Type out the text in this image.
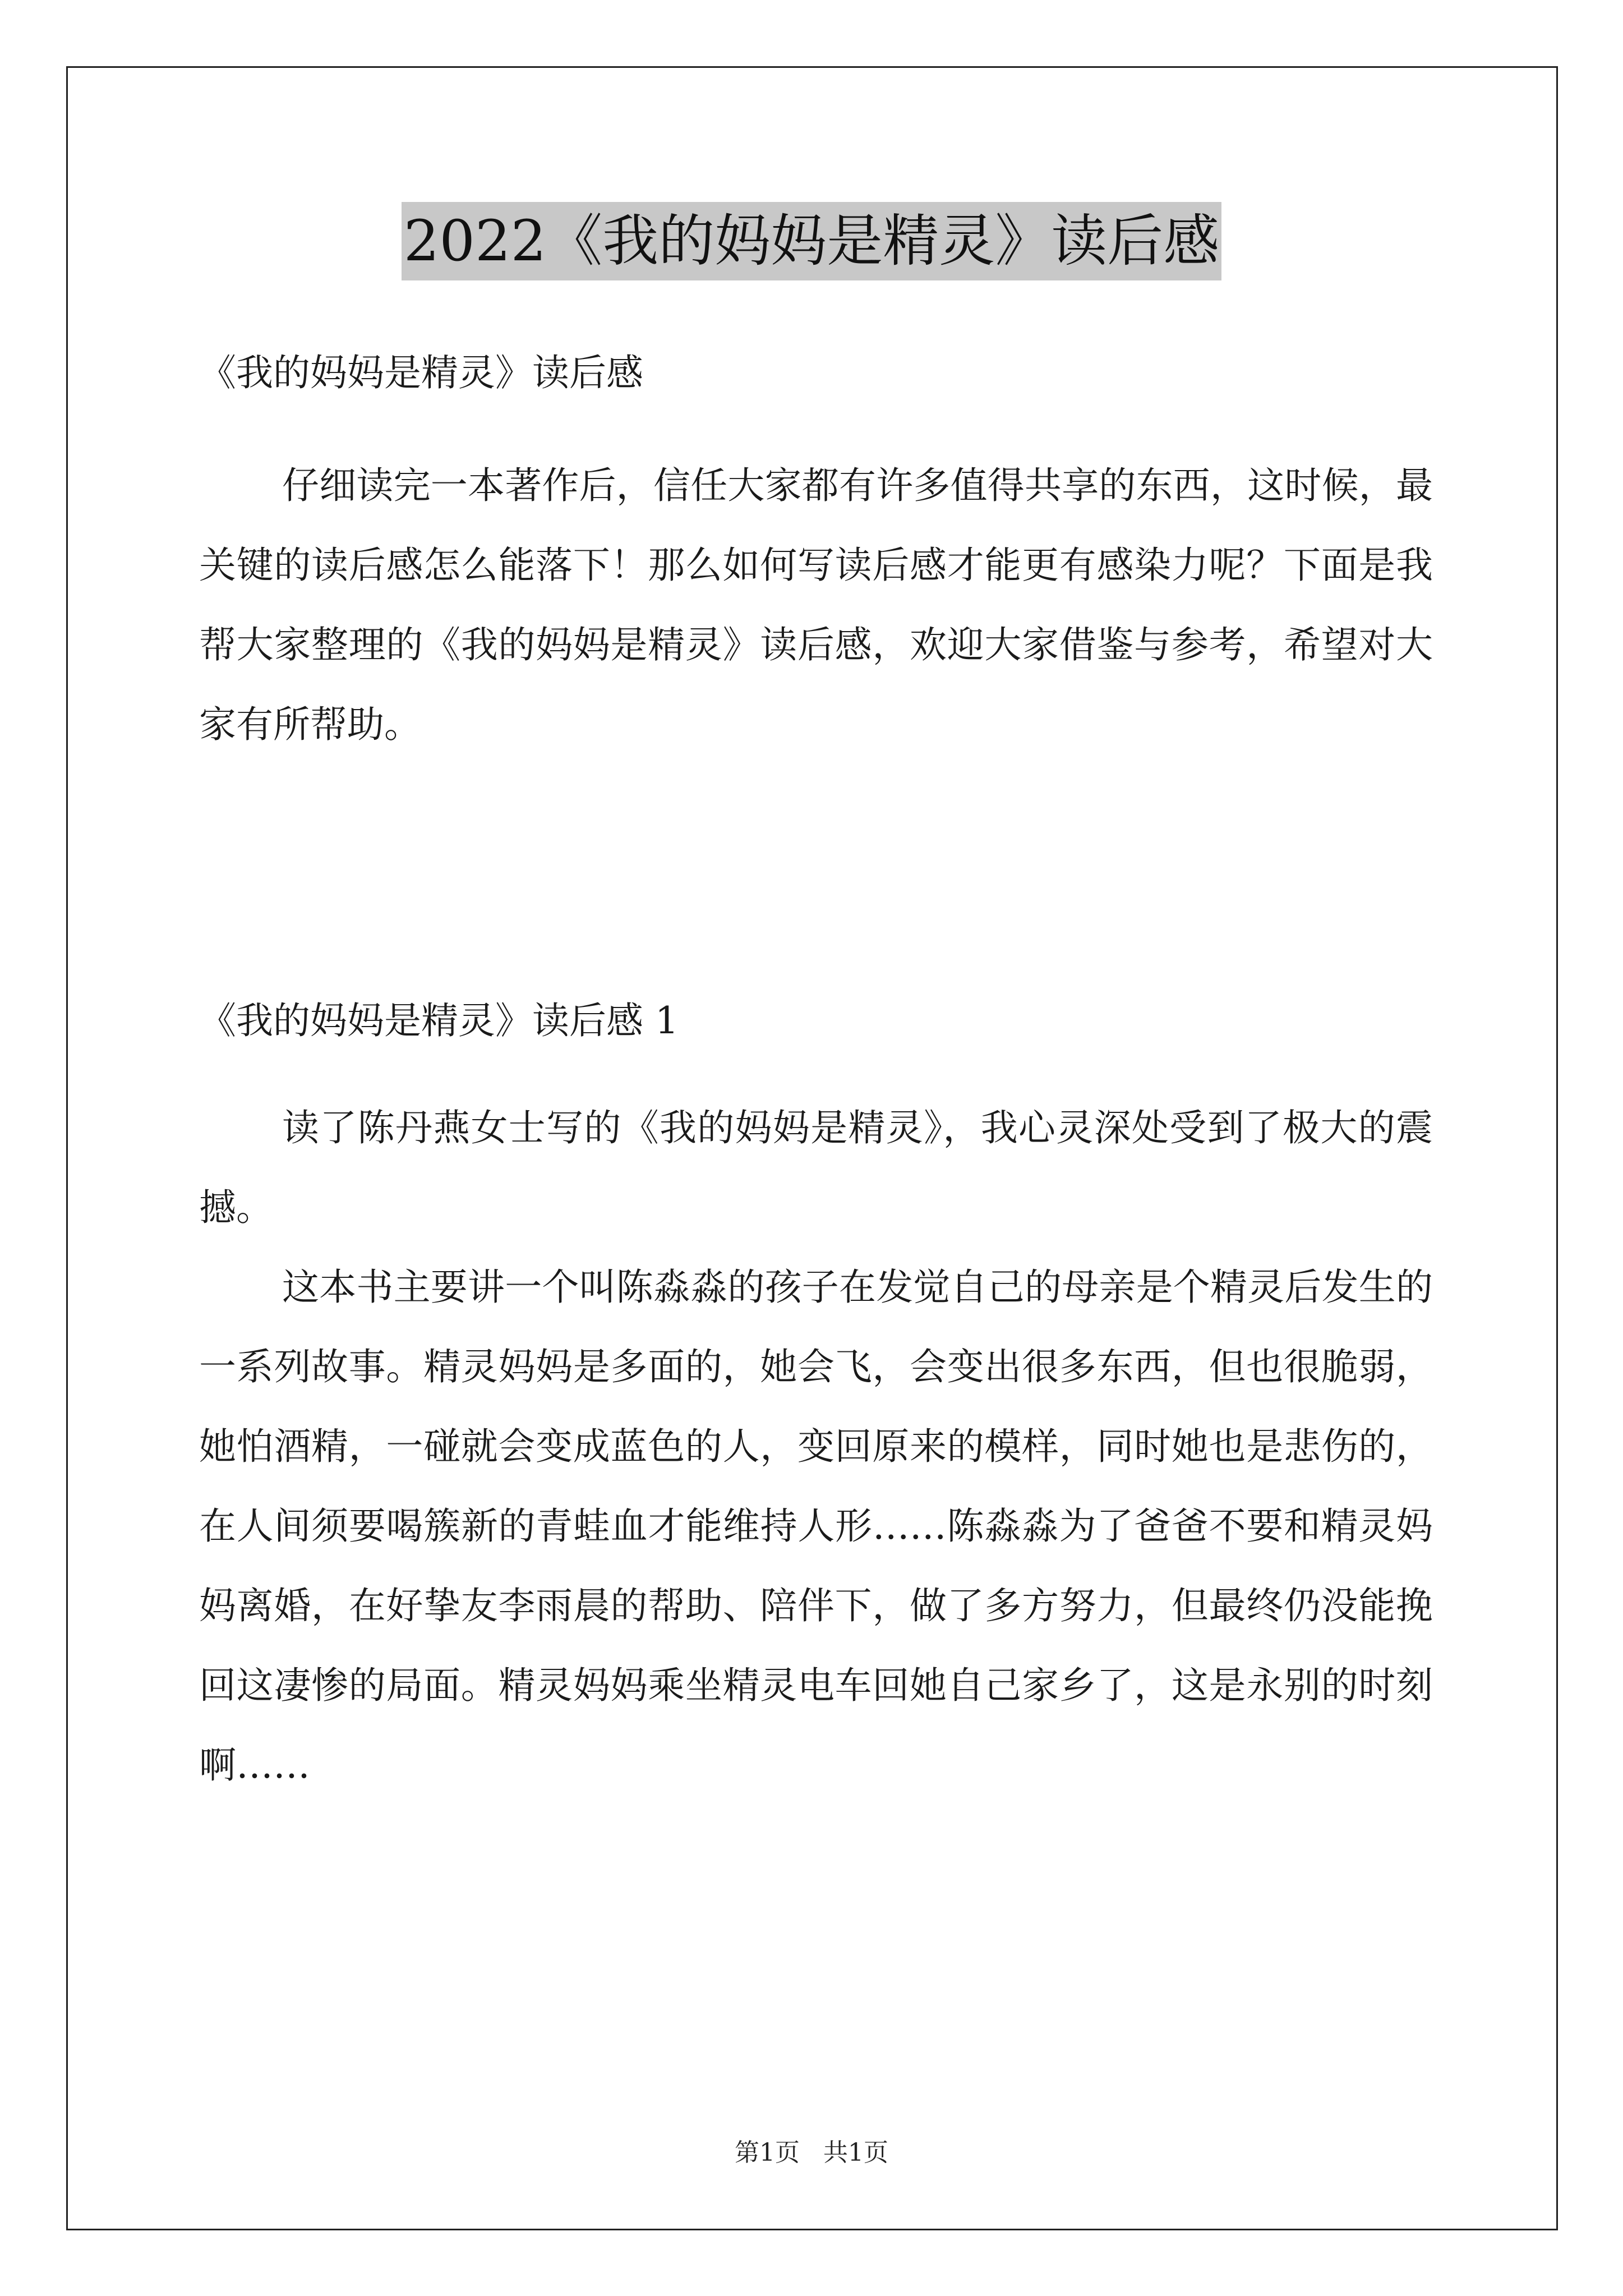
2022《我的妈妈是精灵》读后感
《我的妈妈是精灵》读后感
仔细读完一本著作后，信任大家都有许多值得共享的东西，这时候，最关键的读后感怎么能落下！那么如何写读后感才能更有感染力呢？下面是我帮大家整理的《我的妈妈是精灵》读后感，欢迎大家借鉴与参考，希望对大家有所帮助。
《我的妈妈是精灵》读后感 1
读了陈丹燕女士写的《我的妈妈是精灵》，我心灵深处受到了极大的震撼。
这本书主要讲一个叫陈淼淼的孩子在发觉自己的母亲是个精灵后发生的一系列故事。精灵妈妈是多面的，她会飞，会变出很多东西，但也很脆弱，她怕酒精，一碰就会变成蓝色的人，变回原来的模样，同时她也是悲伤的，在人间须要喝簇新的青蛙血才能维持人形……陈淼淼为了爸爸不要和精灵妈妈离婚，在好挚友李雨晨的帮助、陪伴下，做了多方努力，但最终仍没能挽回这凄惨的局面。精灵妈妈乘坐精灵电车回她自己家乡了，这是永别的时刻啊……
第1页   共1页
